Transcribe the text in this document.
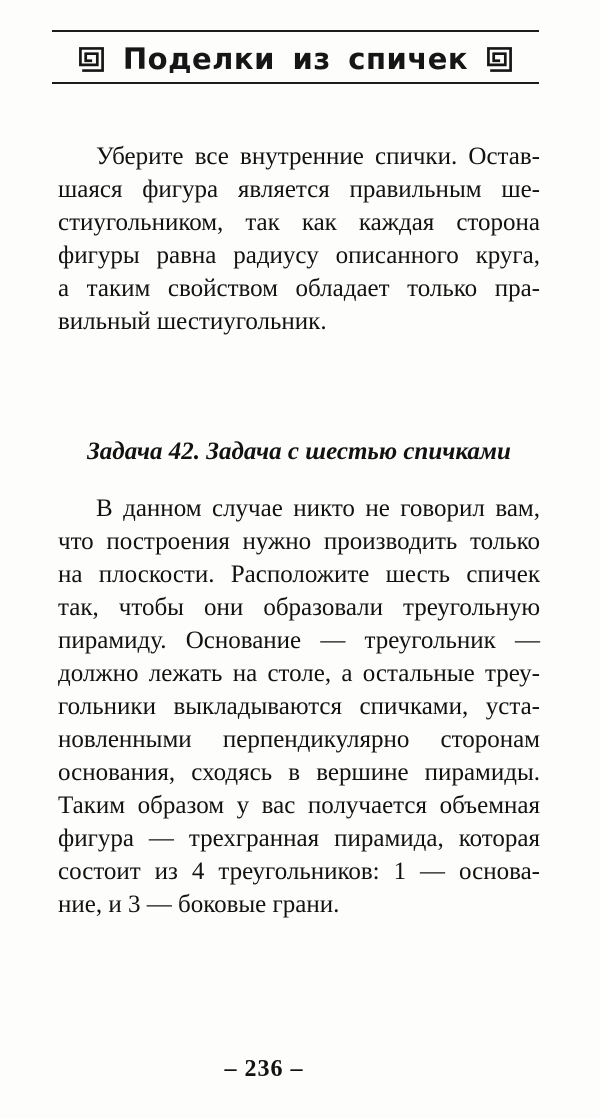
Поделки из спичек
Уберите все внутренние спички. Остав-
шаяся фигура является правильным ше-
стиугольником, так как каждая сторона
фигуры равна радиусу описанного круга,
а таким свойством обладает только пра-
вильный шестиугольник.
Задача 42. Задача с шестью спичками
В данном случае никто не говорил вам,
что построения нужно производить только
на плоскости. Расположите шесть спичек
так, чтобы они образовали треугольную
пирамиду. Основание — треугольник —
должно лежать на столе, а остальные треу-
гольники выкладываются спичками, уста-
новленными перпендикулярно сторонам
основания, сходясь в вершине пирамиды.
Таким образом у вас получается объемная
фигура — трехгранная пирамида, которая
состоит из 4 треугольников: 1 — основа-
ние, и 3 — боковые грани.
– 236 –
